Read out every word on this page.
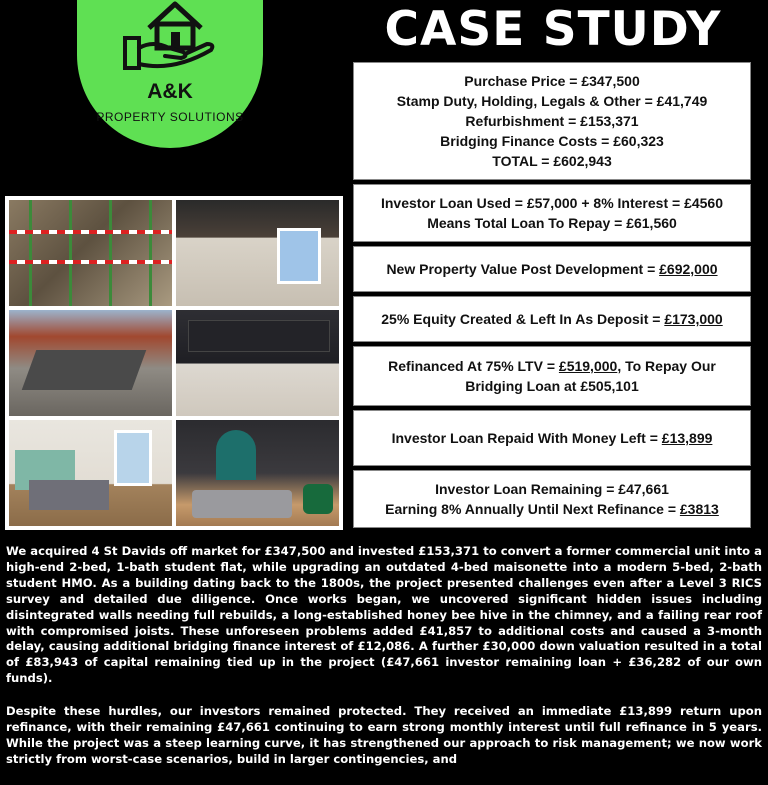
A&K
PROPERTY SOLUTIONS
CASE STUDY
Purchase Price = £347,500
Stamp Duty, Holding, Legals & Other = £41,749
Refurbishment = £153,371
Bridging Finance Costs = £60,323
TOTAL = £602,943
Investor Loan Used = £57,000 + 8% Interest = £4560
Means Total Loan To Repay = £61,560
New Property Value Post Development = £692,000
25% Equity Created & Left In As Deposit = £173,000
Refinanced At 75% LTV = £519,000, To Repay Our Bridging Loan at £505,101
Investor Loan Repaid With Money Left = £13,899
Investor Loan Remaining = £47,661
Earning 8% Annually Until Next Refinance = £3813

We acquired 4 St Davids off market for £347,500 and invested £153,371 to convert a former commercial unit into a high-end 2-bed, 1-bath student flat, while upgrading an outdated 4-bed maisonette into a modern 5-bed, 2-bath student HMO. As a building dating back to the 1800s, the project presented challenges even after a Level 3 RICS survey and detailed due diligence. Once works began, we uncovered significant hidden issues including disintegrated walls needing full rebuilds, a long-established honey bee hive in the chimney, and a failing rear roof with compromised joists. These unforeseen problems added £41,857 to additional costs and caused a 3-month delay, causing additional bridging finance interest of £12,086. A further £30,000 down valuation resulted in a total of £83,943 of capital remaining tied up in the project (£47,661 investor remaining loan + £36,282 of our own funds).

Despite these hurdles, our investors remained protected. They received an immediate £13,899 return upon refinance, with their remaining £47,661 continuing to earn strong monthly interest until full refinance in 5 years. While the project was a steep learning curve, it has strengthened our approach to risk management; we now work strictly from worst-case scenarios, build in larger contingencies, and
